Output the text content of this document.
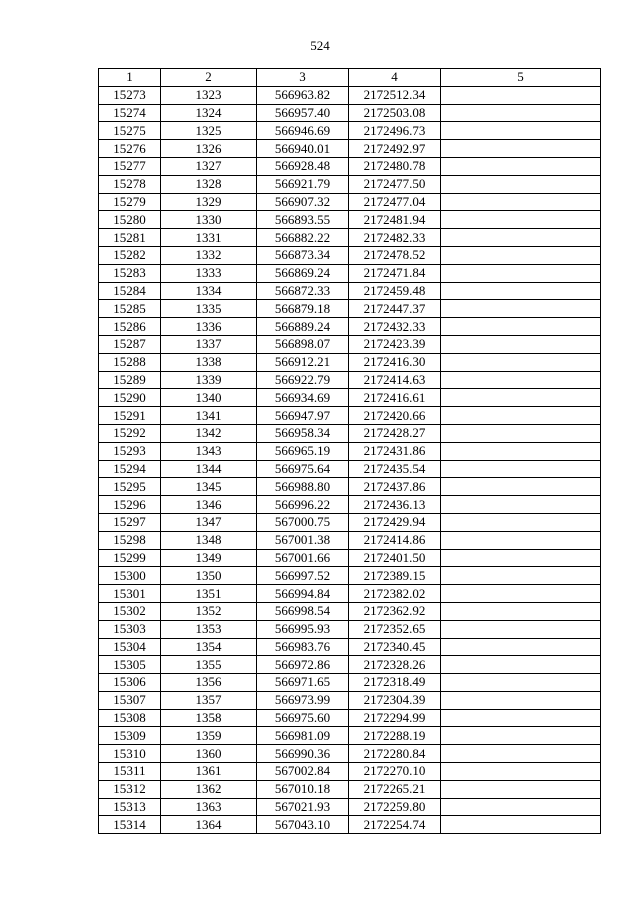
524
1	2	3	4	5
15273	1323	566963.82	2172512.34	
15274	1324	566957.40	2172503.08	
15275	1325	566946.69	2172496.73	
15276	1326	566940.01	2172492.97	
15277	1327	566928.48	2172480.78	
15278	1328	566921.79	2172477.50	
15279	1329	566907.32	2172477.04	
15280	1330	566893.55	2172481.94	
15281	1331	566882.22	2172482.33	
15282	1332	566873.34	2172478.52	
15283	1333	566869.24	2172471.84	
15284	1334	566872.33	2172459.48	
15285	1335	566879.18	2172447.37	
15286	1336	566889.24	2172432.33	
15287	1337	566898.07	2172423.39	
15288	1338	566912.21	2172416.30	
15289	1339	566922.79	2172414.63	
15290	1340	566934.69	2172416.61	
15291	1341	566947.97	2172420.66	
15292	1342	566958.34	2172428.27	
15293	1343	566965.19	2172431.86	
15294	1344	566975.64	2172435.54	
15295	1345	566988.80	2172437.86	
15296	1346	566996.22	2172436.13	
15297	1347	567000.75	2172429.94	
15298	1348	567001.38	2172414.86	
15299	1349	567001.66	2172401.50	
15300	1350	566997.52	2172389.15	
15301	1351	566994.84	2172382.02	
15302	1352	566998.54	2172362.92	
15303	1353	566995.93	2172352.65	
15304	1354	566983.76	2172340.45	
15305	1355	566972.86	2172328.26	
15306	1356	566971.65	2172318.49	
15307	1357	566973.99	2172304.39	
15308	1358	566975.60	2172294.99	
15309	1359	566981.09	2172288.19	
15310	1360	566990.36	2172280.84	
15311	1361	567002.84	2172270.10	
15312	1362	567010.18	2172265.21	
15313	1363	567021.93	2172259.80	
15314	1364	567043.10	2172254.74	
